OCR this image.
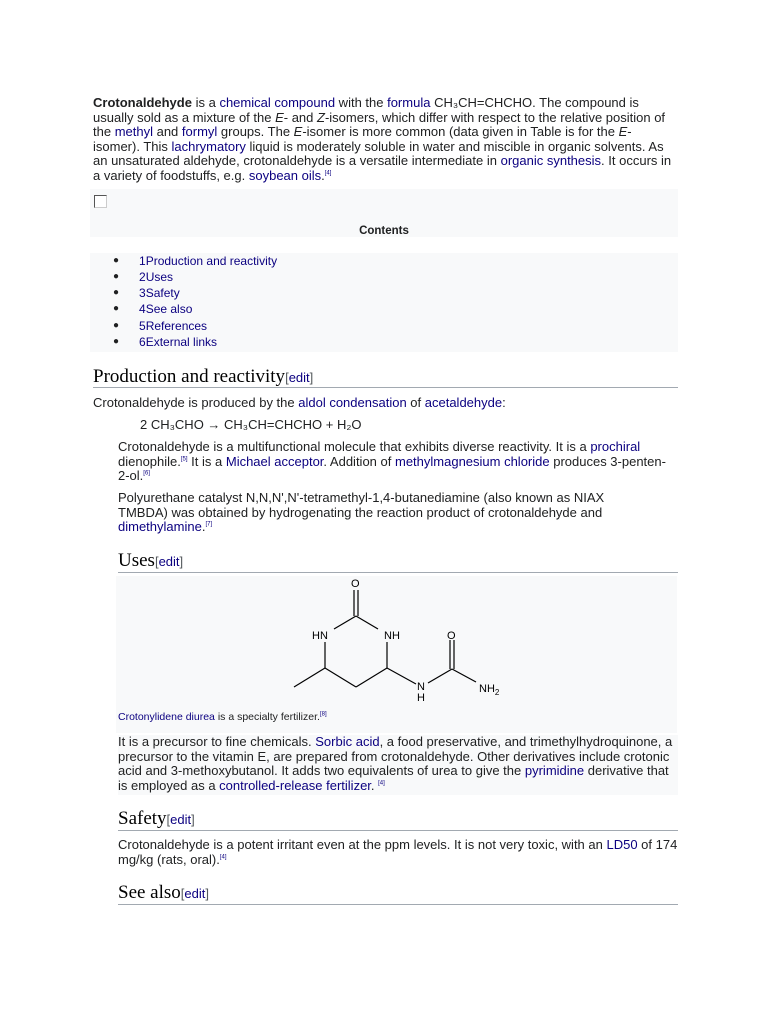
Crotonaldehyde is a chemical compound with the formula CH₃CH=CHCHO. The compound is usually sold as a mixture of the E- and Z-isomers, which differ with respect to the relative position of the methyl and formyl groups. The E-isomer is more common (data given in Table is for the E-isomer). This lachrymatory liquid is moderately soluble in water and miscible in organic solvents. As an unsaturated aldehyde, crotonaldehyde is a versatile intermediate in organic synthesis. It occurs in a variety of foodstuffs, e.g. soybean oils.[4]
Contents
● 1Production and reactivity
● 2Uses
● 3Safety
● 4See also
● 5References
● 6External links
Production and reactivity[edit]
Crotonaldehyde is produced by the aldol condensation of acetaldehyde:
2 CH₃CHO → CH₃CH=CHCHO + H₂O
Crotonaldehyde is a multifunctional molecule that exhibits diverse reactivity. It is a prochiral dienophile.[5] It is a Michael acceptor. Addition of methylmagnesium chloride produces 3-penten-2-ol.[6]
Polyurethane catalyst N,N,N',N'-tetramethyl-1,4-butanediamine (also known as NIAX TMBDA) was obtained by hydrogenating the reaction product of crotonaldehyde and dimethylamine.[7]
Uses[edit]
O
HN	NH	O
N
H
$NH_2$
Crotonylidene diurea is a specialty fertilizer.[8]
It is a precursor to fine chemicals. Sorbic acid, a food preservative, and trimethylhydroquinone, a precursor to the vitamin E, are prepared from crotonaldehyde. Other derivatives include crotonic acid and 3-methoxybutanol. It adds two equivalents of urea to give the pyrimidine derivative that is employed as a controlled-release fertilizer. [4]
Safety[edit]
Crotonaldehyde is a potent irritant even at the ppm levels. It is not very toxic, with an LD50 of 174 mg/kg (rats, oral).[4]
See also[edit]
